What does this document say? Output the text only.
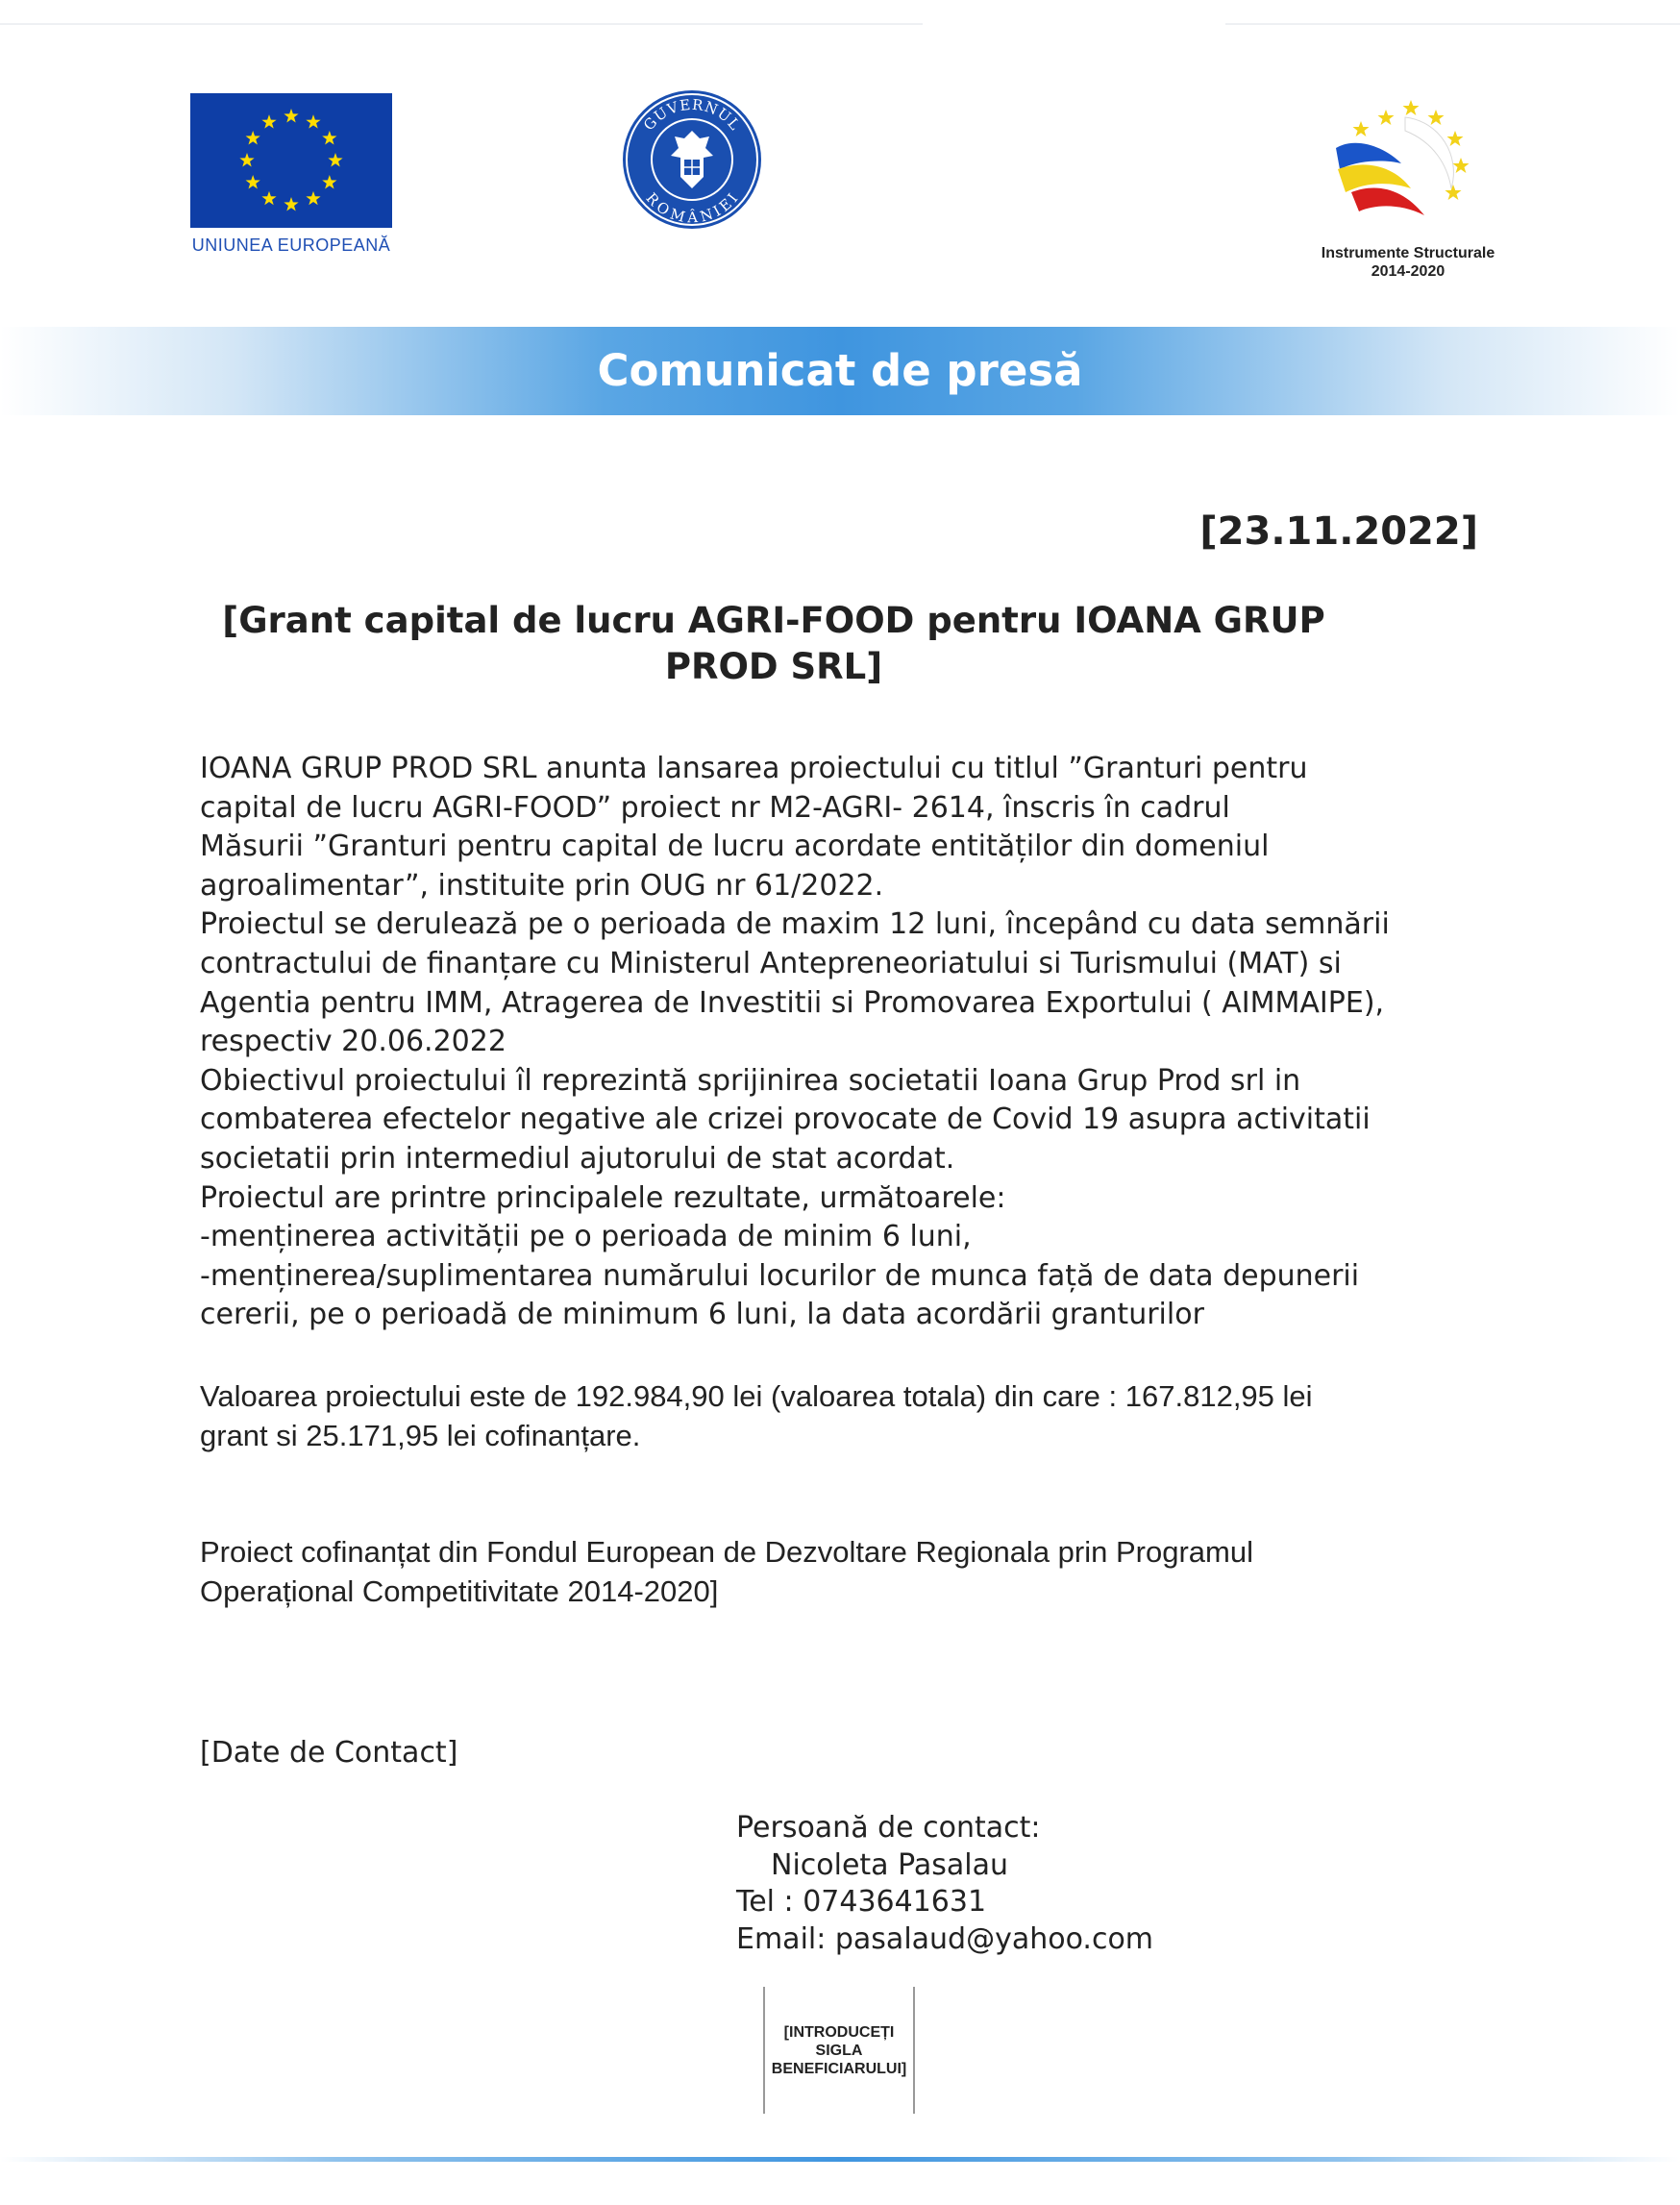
UNIUNEA EUROPEANĂ
GUVERNUL
ROMÂNIEI
Instrumente Structurale
2014-2020
Comunicat de presă
[23.11.2022]
[Grant capital de lucru AGRI-FOOD pentru IOANA GRUP PROD SRL]

IOANA GRUP PROD SRL anunta lansarea proiectului cu titlul ”Granturi pentru

capital de lucru AGRI-FOOD” proiect nr M2-AGRI- 2614, înscris în cadrul

Măsurii ”Granturi pentru capital de lucru acordate entităților din domeniul

agroalimentar”, instituite prin OUG nr 61/2022.

Proiectul se derulează pe o perioada de maxim 12 luni, începând cu data semnării

contractului de finanțare cu Ministerul Antepreneoriatului si Turismului (MAT) si

Agentia pentru IMM, Atragerea de Investitii si Promovarea Exportului ( AIMMAIPE),

respectiv 20.06.2022

Obiectivul proiectului îl reprezintă sprijinirea societatii Ioana Grup Prod srl in

combaterea efectelor negative ale crizei provocate de Covid 19 asupra activitatii

societatii prin intermediul ajutorului de stat acordat.

Proiectul are printre principalele rezultate, următoarele:

-menținerea activității pe o perioada de minim 6 luni,

-menținerea/suplimentarea numărului locurilor de munca față de data depunerii

cererii, pe o perioadă de minimum 6 luni, la data acordării granturilor

Valoarea proiectului este de 192.984,90 lei (valoarea totala) din care : 167.812,95 lei

grant si 25.171,95 lei cofinanțare.

Proiect cofinanțat din Fondul European de Dezvoltare Regionala prin Programul

Operațional Competitivitate 2014-2020]

[Date de Contact]
Persoană de contact:
Nicoleta Pasalau
Tel : 0743641631
Email: pasalaud@yahoo.com
[INTRODUCEȚI
SIGLA
BENEFICIARULUI]
